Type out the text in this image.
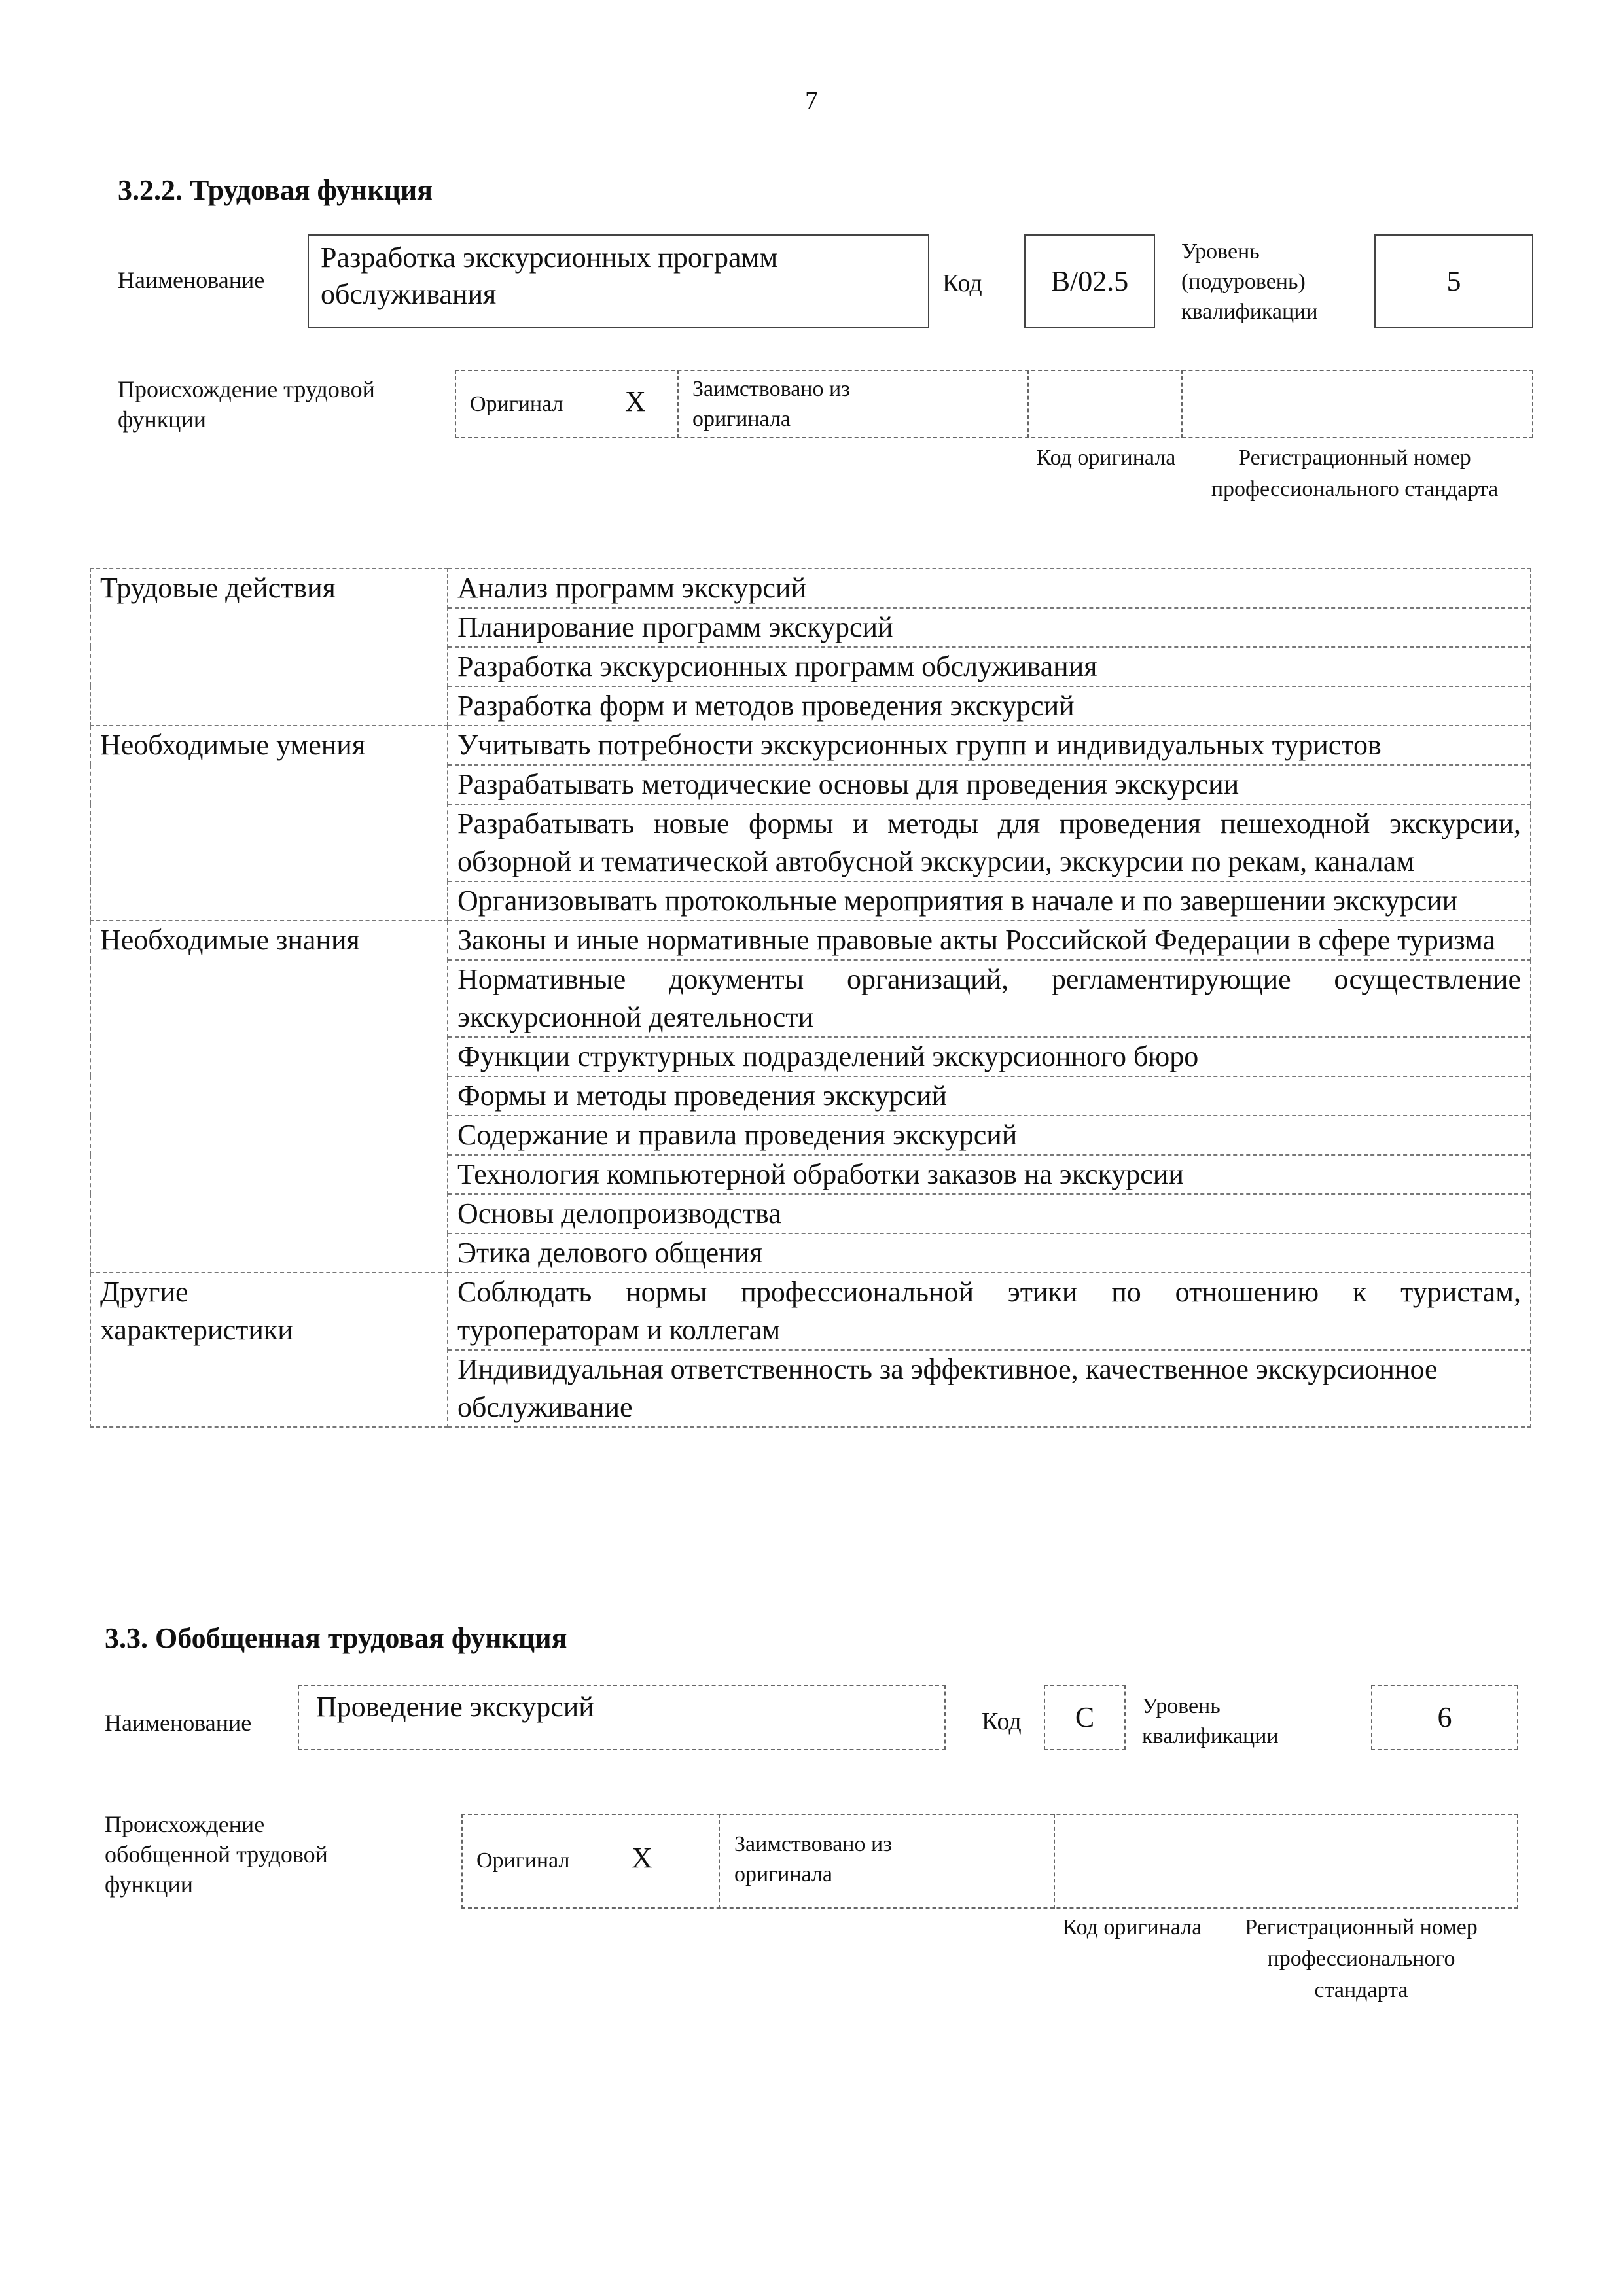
7
3.2.2. Трудовая функция
Наименование
Разработка экскурсионных программ обслуживания	Код	B/02.5
Уровень (подуровень) квалификации
5
Происхождение трудовой функции
Оригинал X Заимствовано из оригинала
Код оригинала	Регистрационный номер профессионального стандарта
Трудовые действия	Анализ программ экскурсий
	Планирование программ экскурсий
	Разработка экскурсионных программ обслуживания
	Разработка форм и методов проведения экскурсий
Необходимые умения	Учитывать потребности экскурсионных групп и индивидуальных туристов
	Разрабатывать методические основы для проведения экскурсии
	Разрабатывать новые формы и методы для проведения пешеходной экскурсии, обзорной и тематической автобусной экскурсии, экскурсии по рекам, каналам
	Организовывать протокольные мероприятия в начале и по завершении экскурсии
Необходимые знания	Законы и иные нормативные правовые акты Российской Федерации в сфере туризма
	Нормативные документы организаций, регламентирующие осуществление экскурсионной деятельности
	Функции структурных подразделений экскурсионного бюро
	Формы и методы проведения экскурсий
	Содержание и правила проведения экскурсий
	Технология компьютерной обработки заказов на экскурсии
	Основы делопроизводства
	Этика делового общения

Другие характеристики	Соблюдать нормы профессиональной этики по отношению к туристам, туроператорам и коллегам
	Индивидуальная ответственность за эффективное, качественное экскурсионное обслуживание
3.3. Обобщенная трудовая функция
Наименование Проведение экскурсий	Код	C	Уровень квалификации
6
Происхождение обобщенной трудовой функции
Оригинал X	Заимствовано из оригинала
Код оригинала	Регистрационный номер профессионального стандарта
